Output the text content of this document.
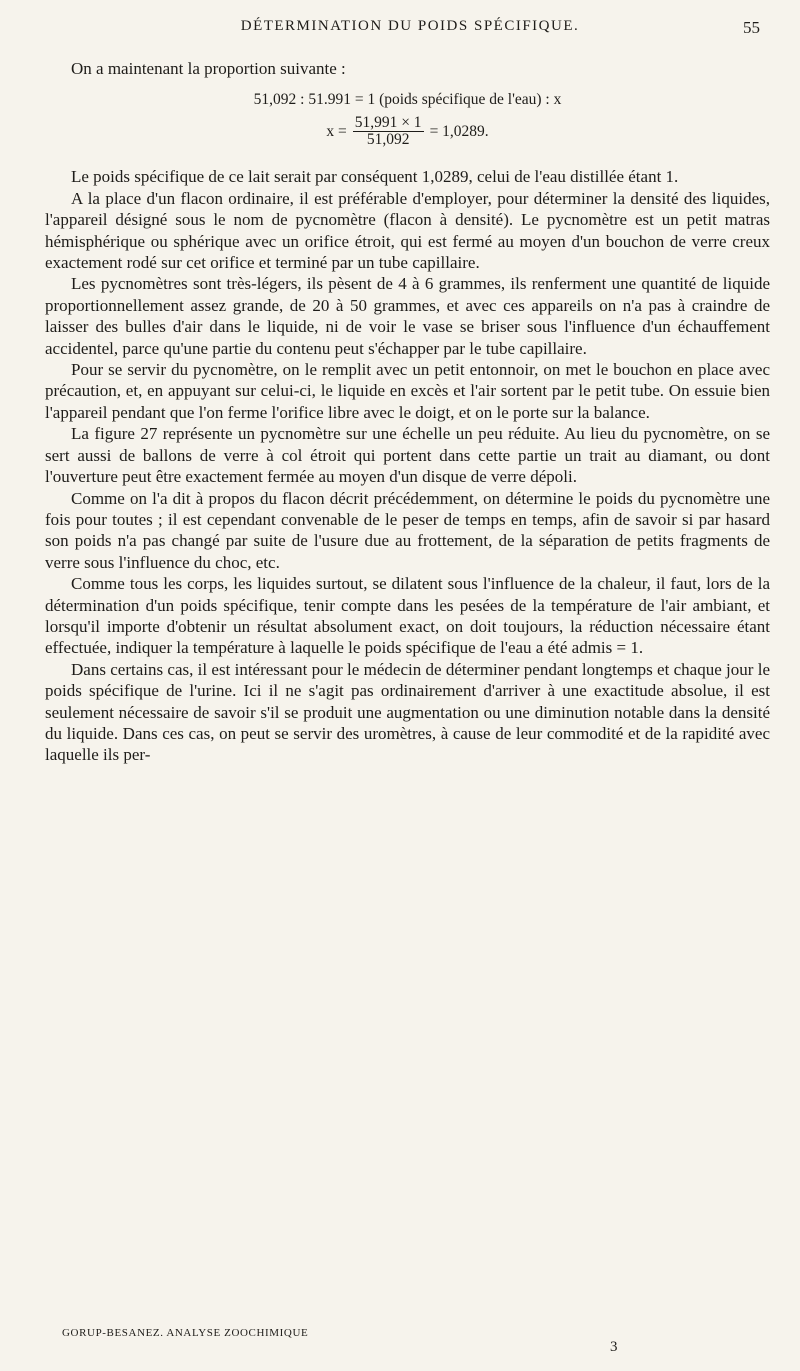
DÉTERMINATION DU POIDS SPÉCIFIQUE.	55

On a maintenant la proportion suivante :

51,092 : 51.991 = 1 (poids spécifique de l'eau) : x
$x = \frac{51,991 \times 1}{51,092} = 1,0289$.

Le poids spécifique de ce lait serait par conséquent 1,0289, celui de l'eau distillée étant 1.

A la place d'un flacon ordinaire, il est préférable d'employer, pour déterminer la densité des liquides, l'appareil désigné sous le nom de pycnomètre (flacon à densité). Le pycnomètre est un petit matras hémisphérique ou sphérique avec un orifice étroit, qui est fermé au moyen d'un bouchon de verre creux exactement rodé sur cet orifice et terminé par un tube capillaire.

Les pycnomètres sont très-légers, ils pèsent de 4 à 6 grammes, ils renferment une quantité de liquide proportionnellement assez grande, de 20 à 50 grammes, et avec ces appareils on n'a pas à craindre de laisser des bulles d'air dans le liquide, ni de voir le vase se briser sous l'influence d'un échauffement accidentel, parce qu'une partie du contenu peut s'échapper par le tube capillaire.

Pour se servir du pycnomètre, on le remplit avec un petit entonnoir, on met le bouchon en place avec précaution, et, en appuyant sur celui-ci, le liquide en excès et l'air sortent par le petit tube. On essuie bien l'appareil pendant que l'on ferme l'orifice libre avec le doigt, et on le porte sur la balance.

La figure 27 représente un pycnomètre sur une échelle un peu réduite. Au lieu du pycnomètre, on se sert aussi de ballons de verre à col étroit qui portent dans cette partie un trait au diamant, ou dont l'ouverture peut être exactement fermée au moyen d'un disque de verre dépoli.

Comme on l'a dit à propos du flacon décrit précédemment, on détermine le poids du pycnomètre une fois pour toutes ; il est cependant convenable de le peser de temps en temps, afin de savoir si par hasard son poids n'a pas changé par suite de l'usure due au frottement, de la séparation de petits fragments de verre sous l'influence du choc, etc.

Comme tous les corps, les liquides surtout, se dilatent sous l'influence de la chaleur, il faut, lors de la détermination d'un poids spécifique, tenir compte dans les pesées de la température de l'air ambiant, et lorsqu'il importe d'obtenir un résultat absolument exact, on doit toujours, la réduction nécessaire étant effectuée, indiquer la température à laquelle le poids spécifique de l'eau a été admis = 1.

Dans certains cas, il est intéressant pour le médecin de déterminer pendant longtemps et chaque jour le poids spécifique de l'urine. Ici il ne s'agit pas ordinairement d'arriver à une exactitude absolue, il est seulement nécessaire de savoir s'il se produit une augmentation ou une diminution notable dans la densité du liquide. Dans ces cas, on peut se servir des uromètres, à cause de leur commodité et de la rapidité avec laquelle ils per-

GORUP-BESANEZ. ANALYSE ZOOCHIMIQUE
3
